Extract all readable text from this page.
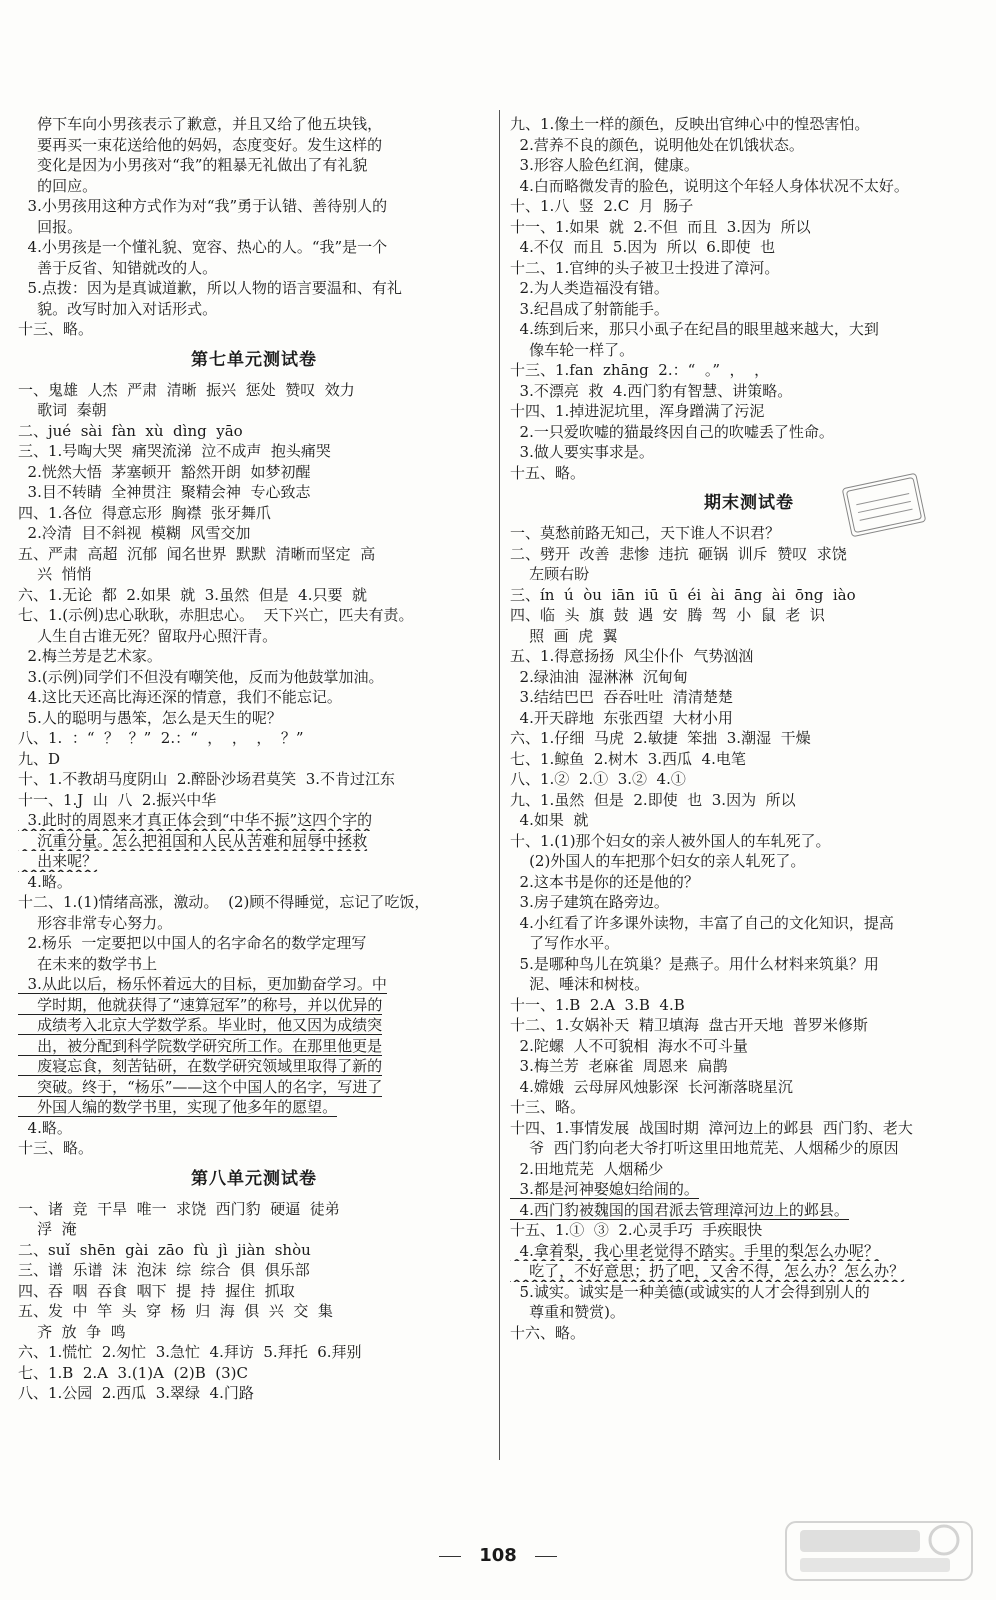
停下车向小男孩表示了歉意，并且又给了他五块钱，
要再买一束花送给他的妈妈，态度变好。发生这样的
变化是因为小男孩对“我”的粗暴无礼做出了有礼貌
的回应。
3.小男孩用这种方式作为对“我”勇于认错、善待别人的
回报。
4.小男孩是一个懂礼貌、宽容、热心的人。“我”是一个
善于反省、知错就改的人。
5.点拨：因为是真诚道歉，所以人物的语言要温和、有礼
貌。改写时加入对话形式。
十三、略。
第七单元测试卷
一、鬼雄  人杰  严肃  清晰  振兴  惩处  赞叹  效力
歌词  秦朝
二、jué  sài  fàn  xù  dìng  yāo
三、1.号啕大哭  痛哭流涕  泣不成声  抱头痛哭
2.恍然大悟  茅塞顿开  豁然开朗  如梦初醒
3.目不转睛  全神贯注  聚精会神  专心致志
四、1.各位  得意忘形  胸襟  张牙舞爪
2.冷清  目不斜视  模糊  风雪交加
五、严肃  高超  沉郁  闻名世界  默默  清晰而坚定  高
兴  悄悄
六、1.无论  都  2.如果  就  3.虽然  但是  4.只要  就
七、1.(示例)忠心耿耿，赤胆忠心。  天下兴亡，匹夫有责。
人生自古谁无死？留取丹心照汗青。
2.梅兰芳是艺术家。
3.(示例)同学们不但没有嘲笑他，反而为他鼓掌加油。
4.这比天还高比海还深的情意，我们不能忘记。
5.人的聪明与愚笨，怎么是天生的呢？
八、1.  ：“  ？  ？”  2.：“  ，  ，  ，  ？”
九、D
十、1.不教胡马度阴山  2.醉卧沙场君莫笑  3.不肯过江东
十一、1.J  山  八  2.振兴中华
3.此时的周恩来才真正体会到“中华不振”这四个字的
沉重分量。怎么把祖国和人民从苦难和屈辱中拯救
出来呢？
4.略。
十二、1.(1)情绪高涨，激动。  (2)顾不得睡觉，忘记了吃饭，
形容非常专心努力。
2.杨乐  一定要把以中国人的名字命名的数学定理写
在未来的数学书上
3.从此以后，杨乐怀着远大的目标，更加勤奋学习。中
学时期，他就获得了“速算冠军”的称号，并以优异的
成绩考入北京大学数学系。毕业时，他又因为成绩突
出，被分配到科学院数学研究所工作。在那里他更是
废寝忘食，刻苦钻研，在数学研究领域里取得了新的
突破。终于，“杨乐”——这个中国人的名字，写进了
外国人编的数学书里，实现了他多年的愿望。
4.略。
十三、略。
第八单元测试卷
一、诸  竞  干旱  唯一  求饶  西门豹  硬逼  徒弟
浮  淹
二、suǐ  shēn  gài  zāo  fù  jì  jiàn  shòu
三、谱  乐谱  沫  泡沫  综  综合  俱  俱乐部
四、吞  咽  吞食  咽下  提  持  握住  抓取
五、发  中  竿  头  穿  杨  归  海  俱  兴  交  集
齐  放  争  鸣
六、1.慌忙  2.匆忙  3.急忙  4.拜访  5.拜托  6.拜别
七、1.B  2.A  3.(1)A  (2)B  (3)C
八、1.公园  2.西瓜  3.翠绿  4.门路
九、1.像土一样的颜色，反映出官绅心中的惶恐害怕。
2.营养不良的颜色，说明他处在饥饿状态。
3.形容人脸色红润，健康。
4.白而略微发青的脸色，说明这个年轻人身体状况不太好。
十、1.八  竖  2.C  月  肠子
十一、1.如果  就  2.不但  而且  3.因为  所以
4.不仅  而且  5.因为  所以  6.即使  也
十二、1.官绅的头子被卫士投进了漳河。
2.为人类造福没有错。
3.纪昌成了射箭能手。
4.练到后来，那只小虱子在纪昌的眼里越来越大，大到
像车轮一样了。
十三、1.fan  zhāng  2.：“  。”  ，  ，
3.不漂亮  救  4.西门豹有智慧、讲策略。
十四、1.掉进泥坑里，浑身蹭满了污泥
2.一只爱吹嘘的猫最终因自己的吹嘘丢了性命。
3.做人要实事求是。
十五、略。
期末测试卷
一、莫愁前路无知己，天下谁人不识君？
二、劈开  改善  悲惨  违抗  砸锅  训斥  赞叹  求饶
左顾右盼
三、ín  ú  òu  iān  iū  ū  éi  ài  āng  ài  ōng  iào
四、临  头  旗  鼓  遇  安  腾  驾  小  鼠  老  识
照  画  虎  翼
五、1.得意扬扬  风尘仆仆  气势汹汹
2.绿油油  湿淋淋  沉甸甸
3.结结巴巴  吞吞吐吐  清清楚楚
4.开天辟地  东张西望  大材小用
六、1.仔细  马虎  2.敏捷  笨拙  3.潮湿  干燥
七、1.鲸鱼  2.树木  3.西瓜  4.电笔
八、1.②  2.①  3.②  4.①
九、1.虽然  但是  2.即使  也  3.因为  所以
4.如果  就
十、1.(1)那个妇女的亲人被外国人的车轧死了。
(2)外国人的车把那个妇女的亲人轧死了。
2.这本书是你的还是他的？
3.房子建筑在路旁边。
4.小红看了许多课外读物，丰富了自己的文化知识，提高
了写作水平。
5.是哪种鸟儿在筑巢？是燕子。用什么材料来筑巢？用
泥、唾沫和树枝。
十一、1.B  2.A  3.B  4.B
十二、1.女娲补天  精卫填海  盘古开天地  普罗米修斯
2.陀螺  人不可貌相  海水不可斗量
3.梅兰芳  老麻雀  周恩来  扁鹊
4.嫦娥  云母屏风烛影深  长河渐落晓星沉
十三、略。
十四、1.事情发展  战国时期  漳河边上的邺县  西门豹、老大
爷  西门豹向老大爷打听这里田地荒芜、人烟稀少的原因
2.田地荒芜  人烟稀少
3.都是河神娶媳妇给闹的。
4.西门豹被魏国的国君派去管理漳河边上的邺县。
十五、1.①  ③  2.心灵手巧  手疾眼快
4.拿着梨，我心里老觉得不踏实。手里的梨怎么办呢？
吃了，不好意思；扔了吧，又舍不得，怎么办？怎么办？
5.诚实。诚实是一种美德(或诚实的人才会得到别人的
尊重和赞赏)。
十六、略。
108
